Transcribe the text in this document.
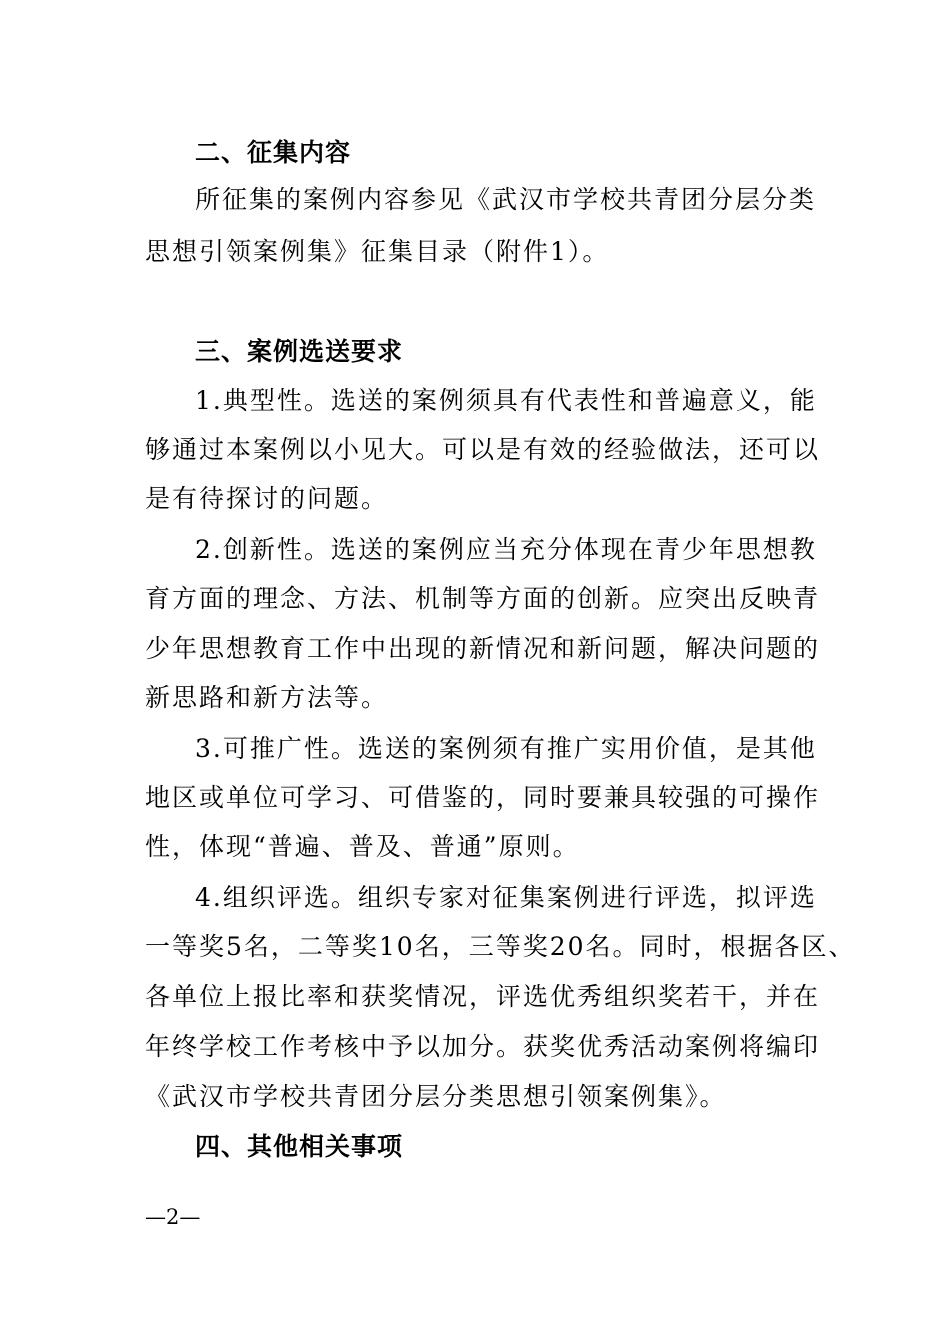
二、征集内容
所征集的案例内容参见《武汉市学校共青团分层分类
思想引领案例集》征集目录（附件1）。
三、案例选送要求
1.典型性。选送的案例须具有代表性和普遍意义，能
够通过本案例以小见大。可以是有效的经验做法，还可以
是有待探讨的问题。
2.创新性。选送的案例应当充分体现在青少年思想教
育方面的理念、方法、机制等方面的创新。应突出反映青
少年思想教育工作中出现的新情况和新问题，解决问题的
新思路和新方法等。
3.可推广性。选送的案例须有推广实用价值，是其他
地区或单位可学习、可借鉴的，同时要兼具较强的可操作
性，体现“普遍、普及、普通”原则。
4.组织评选。组织专家对征集案例进行评选，拟评选
一等奖5名，二等奖10名，三等奖20名。同时，根据各区、
各单位上报比率和获奖情况，评选优秀组织奖若干，并在
年终学校工作考核中予以加分。获奖优秀活动案例将编印
《武汉市学校共青团分层分类思想引领案例集》。
四、其他相关事项
—2—
